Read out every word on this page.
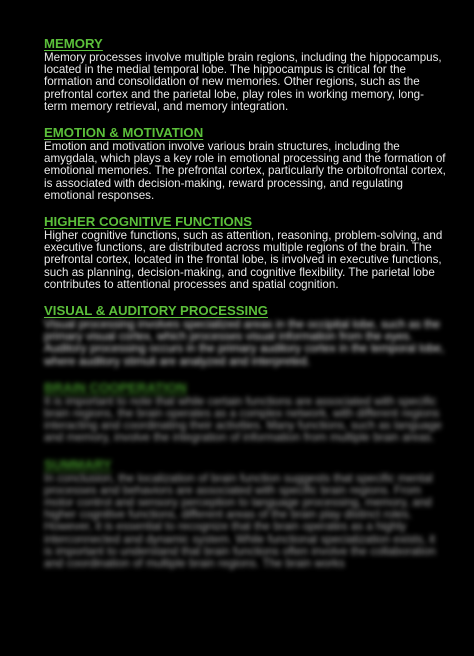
MEMORY

Memory processes involve multiple brain regions, including the hippocampus, located in the medial temporal lobe. The hippocampus is critical for the formation and consolidation of new memories. Other regions, such as the prefrontal cortex and the parietal lobe, play roles in working memory, long-term memory retrieval, and memory integration.

EMOTION & MOTIVATION

Emotion and motivation involve various brain structures, including the amygdala, which plays a key role in emotional processing and the formation of emotional memories. The prefrontal cortex, particularly the orbitofrontal cortex, is associated with decision-making, reward processing, and regulating emotional responses.

HIGHER COGNITIVE FUNCTIONS

Higher cognitive functions, such as attention, reasoning, problem-solving, and executive functions, are distributed across multiple regions of the brain. The prefrontal cortex, located in the frontal lobe, is involved in executive functions, such as planning, decision-making, and cognitive flexibility. The parietal lobe contributes to attentional processes and spatial cognition.

VISUAL & AUDITORY PROCESSING

Visual processing involves specialized areas in the occipital lobe, such as the primary visual cortex, which processes visual information from the eyes. Auditory processing occurs in the primary auditory cortex in the temporal lobe, where auditory stimuli are analyzed and interpreted.

BRAIN COOPERATION

It is important to note that while certain functions are associated with specific brain regions, the brain operates as a complex network, with different regions interacting and coordinating their activities. Many functions, such as language and memory, involve the integration of information from multiple brain areas.

SUMMARY

In conclusion, the localization of brain function suggests that specific mental processes and behaviors are associated with specific brain regions. From motor control and sensory perception to language processing, memory, and higher cognitive functions, different areas of the brain play distinct roles. However, it is essential to recognize that the brain operates as a highly interconnected and dynamic system. While functional specialization exists, it is important to understand that brain functions often involve the collaboration and coordination of multiple brain regions. The brain works
